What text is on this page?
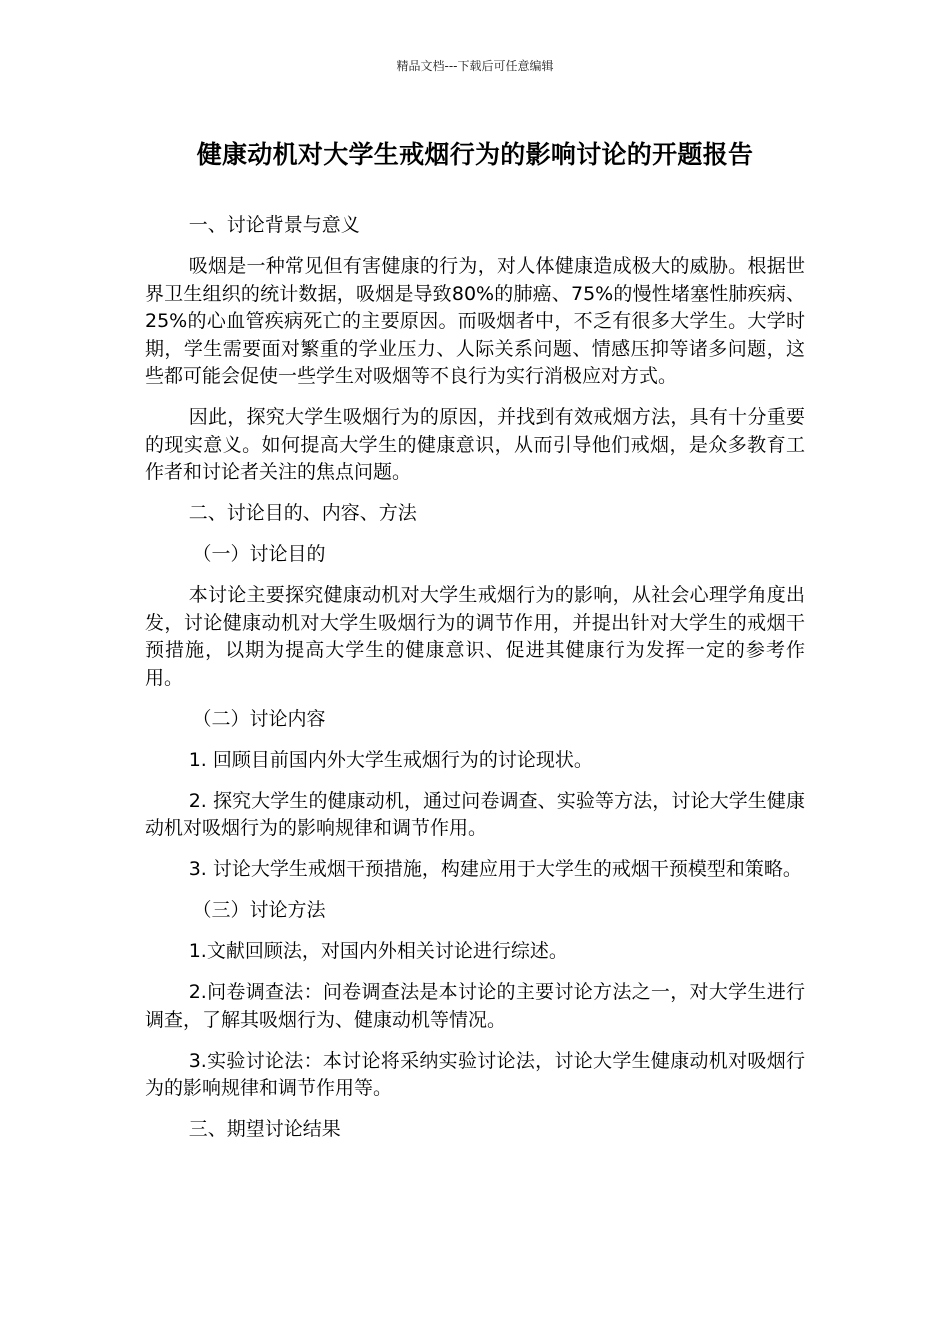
精品文档---下载后可任意编辑
健康动机对大学生戒烟行为的影响讨论的开题报告

一、讨论背景与意义

吸烟是一种常见但有害健康的行为，对人体健康造成极大的威胁。根据世界卫生组织的统计数据，吸烟是导致80%的肺癌、75%的慢性堵塞性肺疾病、25%的心血管疾病死亡的主要原因。而吸烟者中，不乏有很多大学生。大学时期，学生需要面对繁重的学业压力、人际关系问题、情感压抑等诸多问题，这些都可能会促使一些学生对吸烟等不良行为实行消极应对方式。

因此，探究大学生吸烟行为的原因，并找到有效戒烟方法，具有十分重要的现实意义。如何提高大学生的健康意识，从而引导他们戒烟，是众多教育工作者和讨论者关注的焦点问题。

二、讨论目的、内容、方法

（一）讨论目的

本讨论主要探究健康动机对大学生戒烟行为的影响，从社会心理学角度出发，讨论健康动机对大学生吸烟行为的调节作用，并提出针对大学生的戒烟干预措施，以期为提高大学生的健康意识、促进其健康行为发挥一定的参考作用。

（二）讨论内容

1. 回顾目前国内外大学生戒烟行为的讨论现状。

2. 探究大学生的健康动机，通过问卷调查、实验等方法，讨论大学生健康动机对吸烟行为的影响规律和调节作用。

3. 讨论大学生戒烟干预措施，构建应用于大学生的戒烟干预模型和策略。

（三）讨论方法

1.文献回顾法，对国内外相关讨论进行综述。

2.问卷调查法：问卷调查法是本讨论的主要讨论方法之一，对大学生进行调查，了解其吸烟行为、健康动机等情况。

3.实验讨论法：本讨论将采纳实验讨论法，讨论大学生健康动机对吸烟行为的影响规律和调节作用等。

三、期望讨论结果
